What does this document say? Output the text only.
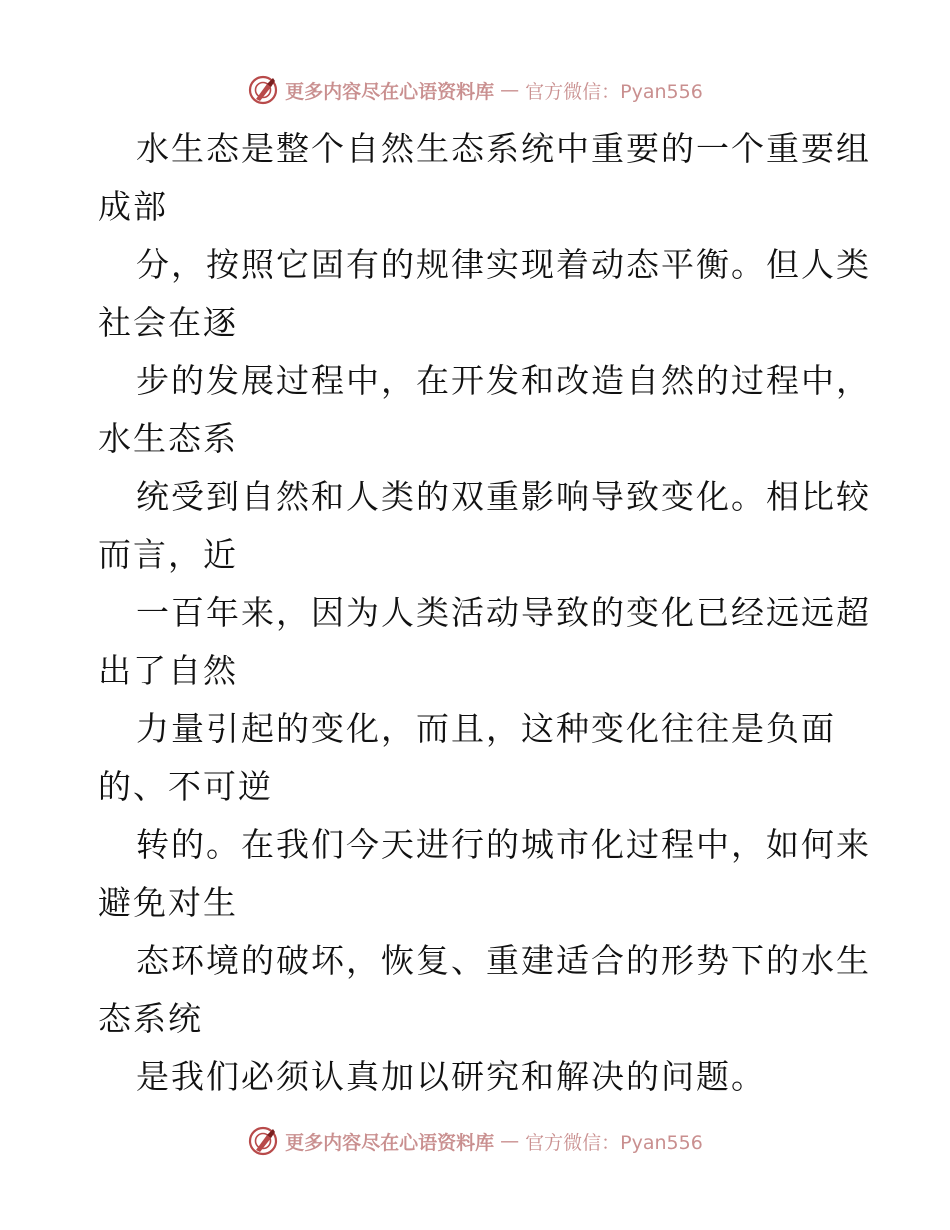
更多内容尽在心语资料库 — 官方微信：Pyan556
水生态是整个自然生态系统中重要的一个重要组
成部
分，按照它固有的规律实现着动态平衡。但人类
社会在逐
步的发展过程中，在开发和改造自然的过程中，
水生态系
统受到自然和人类的双重影响导致变化。相比较
而言，近
一百年来，因为人类活动导致的变化已经远远超
出了自然
力量引起的变化，而且，这种变化往往是负面
的、不可逆
转的。在我们今天进行的城市化过程中，如何来
避免对生
态环境的破坏，恢复、重建适合的形势下的水生
态系统
是我们必须认真加以研究和解决的问题。
更多内容尽在心语资料库 — 官方微信：Pyan556
